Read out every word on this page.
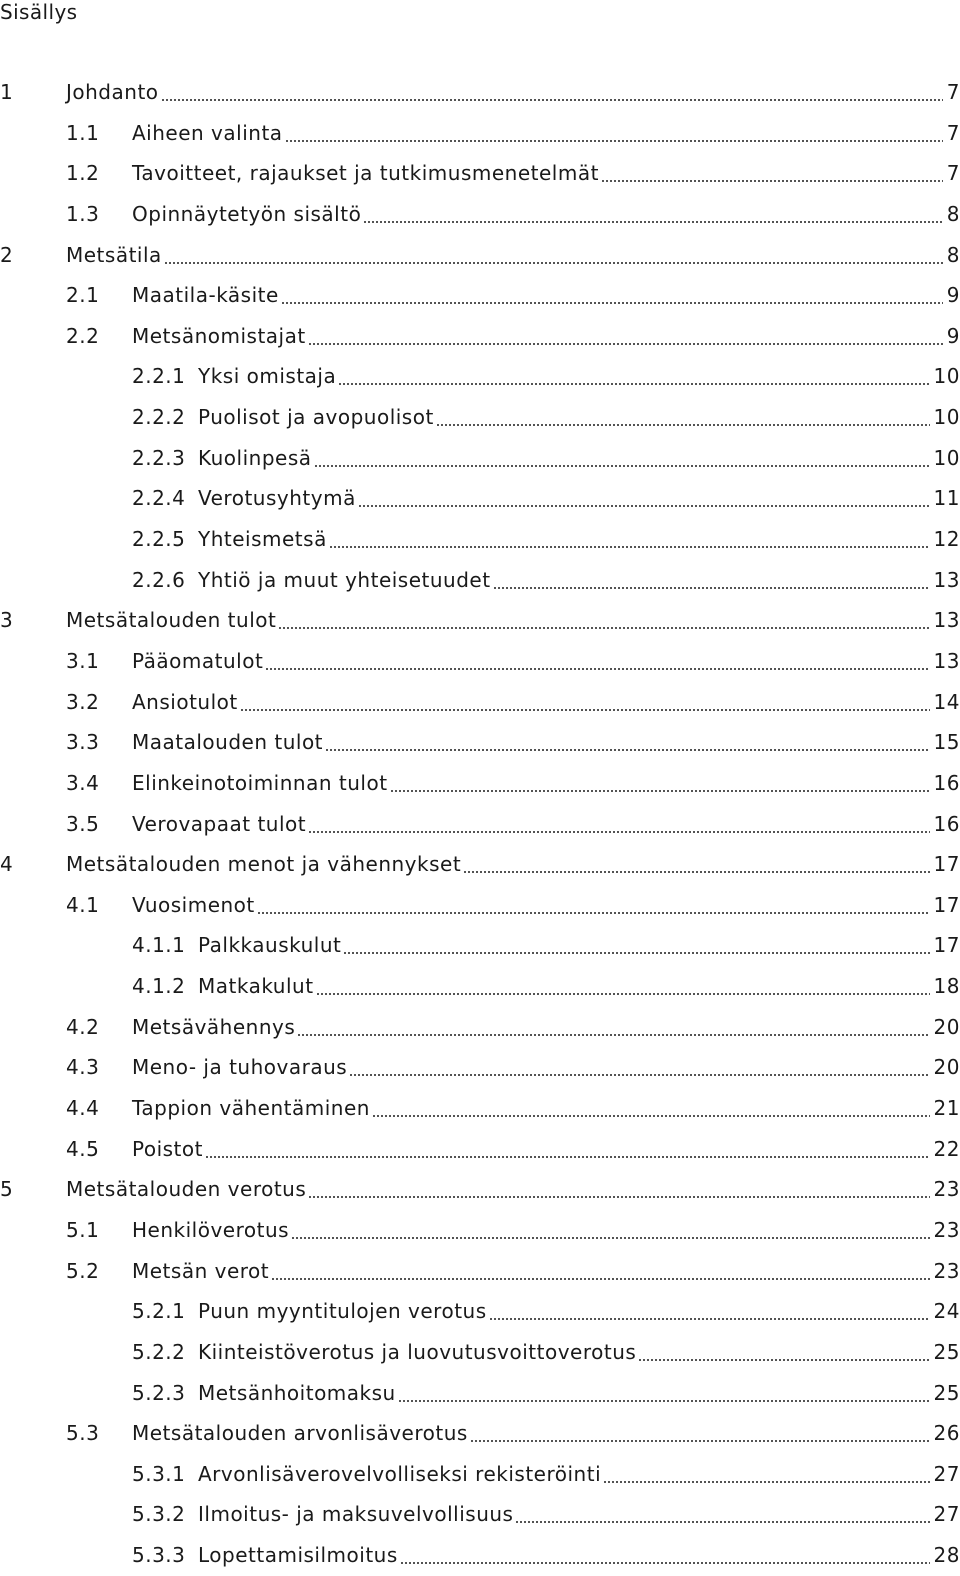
Sisällys
1	Johdanto	7
1.1 Aiheen valinta	7
1.2 Tavoitteet, rajaukset ja tutkimusmenetelmät	7
1.3 Opinnäytetyön sisältö	8
2	Metsätila	8
2.1 Maatila-käsite	9
2.2 Metsänomistajat	9
2.2.1 Yksi omistaja	10
2.2.2 Puolisot ja avopuolisot	10
2.2.3 Kuolinpesä	10
2.2.4 Verotusyhtymä	11
2.2.5 Yhteismetsä	12
2.2.6 Yhtiö ja muut yhteisetuudet	13
3	Metsätalouden tulot	13
3.1 Pääomatulot	13
3.2 Ansiotulot	14
3.3 Maatalouden tulot	15
3.4 Elinkeinotoiminnan tulot	16
3.5 Verovapaat tulot	16
4	Metsätalouden menot ja vähennykset	17
4.1 Vuosimenot	17
4.1.1 Palkkauskulut	17
4.1.2 Matkakulut	18
4.2 Metsävähennys	20
4.3 Meno- ja tuhovaraus	20
4.4 Tappion vähentäminen	21
4.5 Poistot	22
5	Metsätalouden verotus	23
5.1 Henkilöverotus	23
5.2 Metsän verot	23
5.2.1 Puun myyntitulojen verotus	24
5.2.2 Kiinteistöverotus ja luovutusvoittoverotus	25
5.2.3 Metsänhoitomaksu	25
5.3 Metsätalouden arvonlisäverotus	26
5.3.1 Arvonlisäverovelvolliseksi rekisteröinti	27
5.3.2 Ilmoitus- ja maksuvelvollisuus	27
5.3.3 Lopettamisilmoitus	28
